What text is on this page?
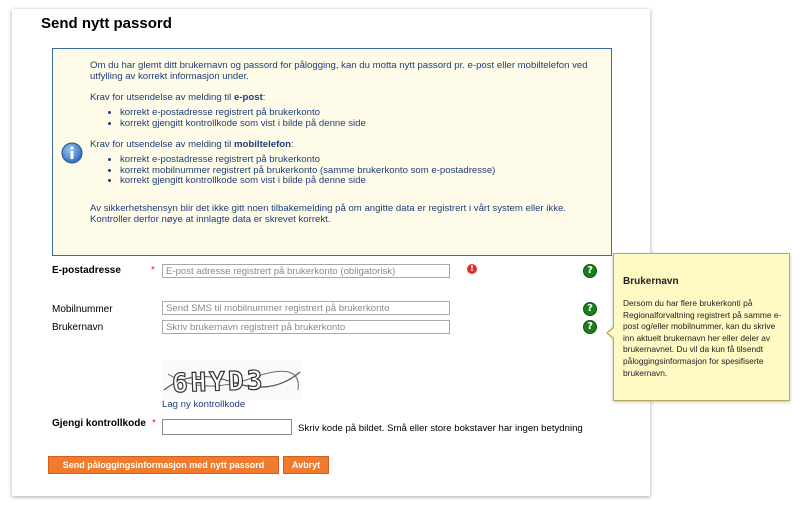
Send nytt passord

Om du har glemt ditt brukernavn og passord for pålogging, kan du motta nytt passord pr. e-post eller mobiltelefon ved utfylling av korrekt informasjon under.

Krav for utsendelse av melding til e-post:

• korrekt e-postadresse registrert på brukerkonto
• korrekt gjengitt kontrollkode som vist i bilde på denne side

Krav for utsendelse av melding til mobiltelefon:

• korrekt e-postadresse registrert på brukerkonto
• korrekt mobilnummer registrert på brukerkonto (samme brukerkonto som e-postadresse)
• korrekt gjengitt kontrollkode som vist i bilde på denne side

Av sikkerhetshensyn blir det ikke gitt noen tilbakemelding på om angitte data er registrert i vårt system eller ikke. Kontroller derfor nøye at innlagte data er skrevet korrekt.

E-postadresse	*
E-post adresse registrert på brukerkonto (obligatorisk)	!	?
Mobilnummer
Send SMS til mobilnummer registrert på brukerkonto	?
Brukernavn
Skriv brukernavn registrert på brukerkonto	?
6HYD3
Lag ny kontrollkode
Gjengi kontrollkode *	Skriv kode på bildet. Små eller store bokstaver har ingen betydning
Send påloggingsinformasjon med nytt passord	Avbryt
Brukernavn
Dersom du har flere brukerkonti på Regionalforvaltning registrert på samme e-post og/eller mobilnummer, kan du skrive inn aktuelt brukernavn her eller deler av brukernavnet. Du vil da kun få tilsendt påloggingsinformasjon for spesifiserte brukernavn.
